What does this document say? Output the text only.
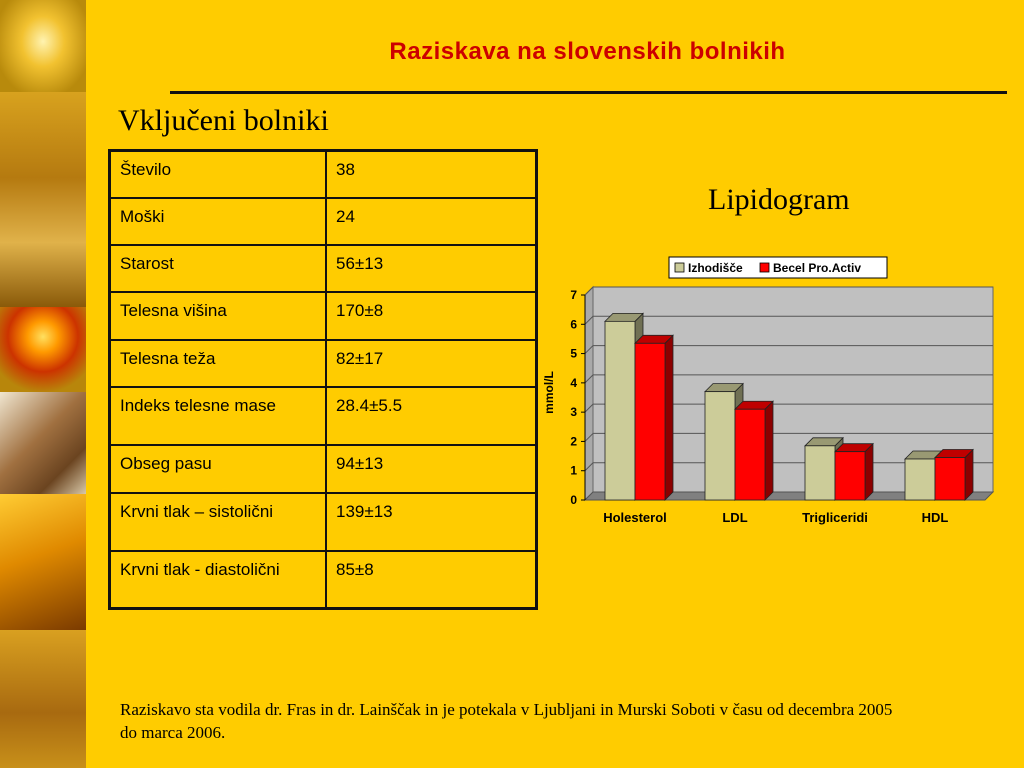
Raziskava na slovenskih bolnikih
Vključeni bolniki
Število	38
Moški	24
Starost	56±13
Telesna višina	170±8
Telesna teža	82±17
Indeks telesne mase	28.4±5.5
Obseg pasu	94±13
Krvni tlak – sistolični	139±13
Krvni tlak - diastolični	85±8
Lipidogram
0
1
2
3
4
5
6
7
mmol/L
Holesterol	LDL	Trigliceridi	HDL
Izhodišče	Becel Pro.Activ
Raziskavo sta vodila dr. Fras in dr. Lainščak in je potekala v Ljubljani in Murski Soboti v času od decembra 2005 do marca 2006.
